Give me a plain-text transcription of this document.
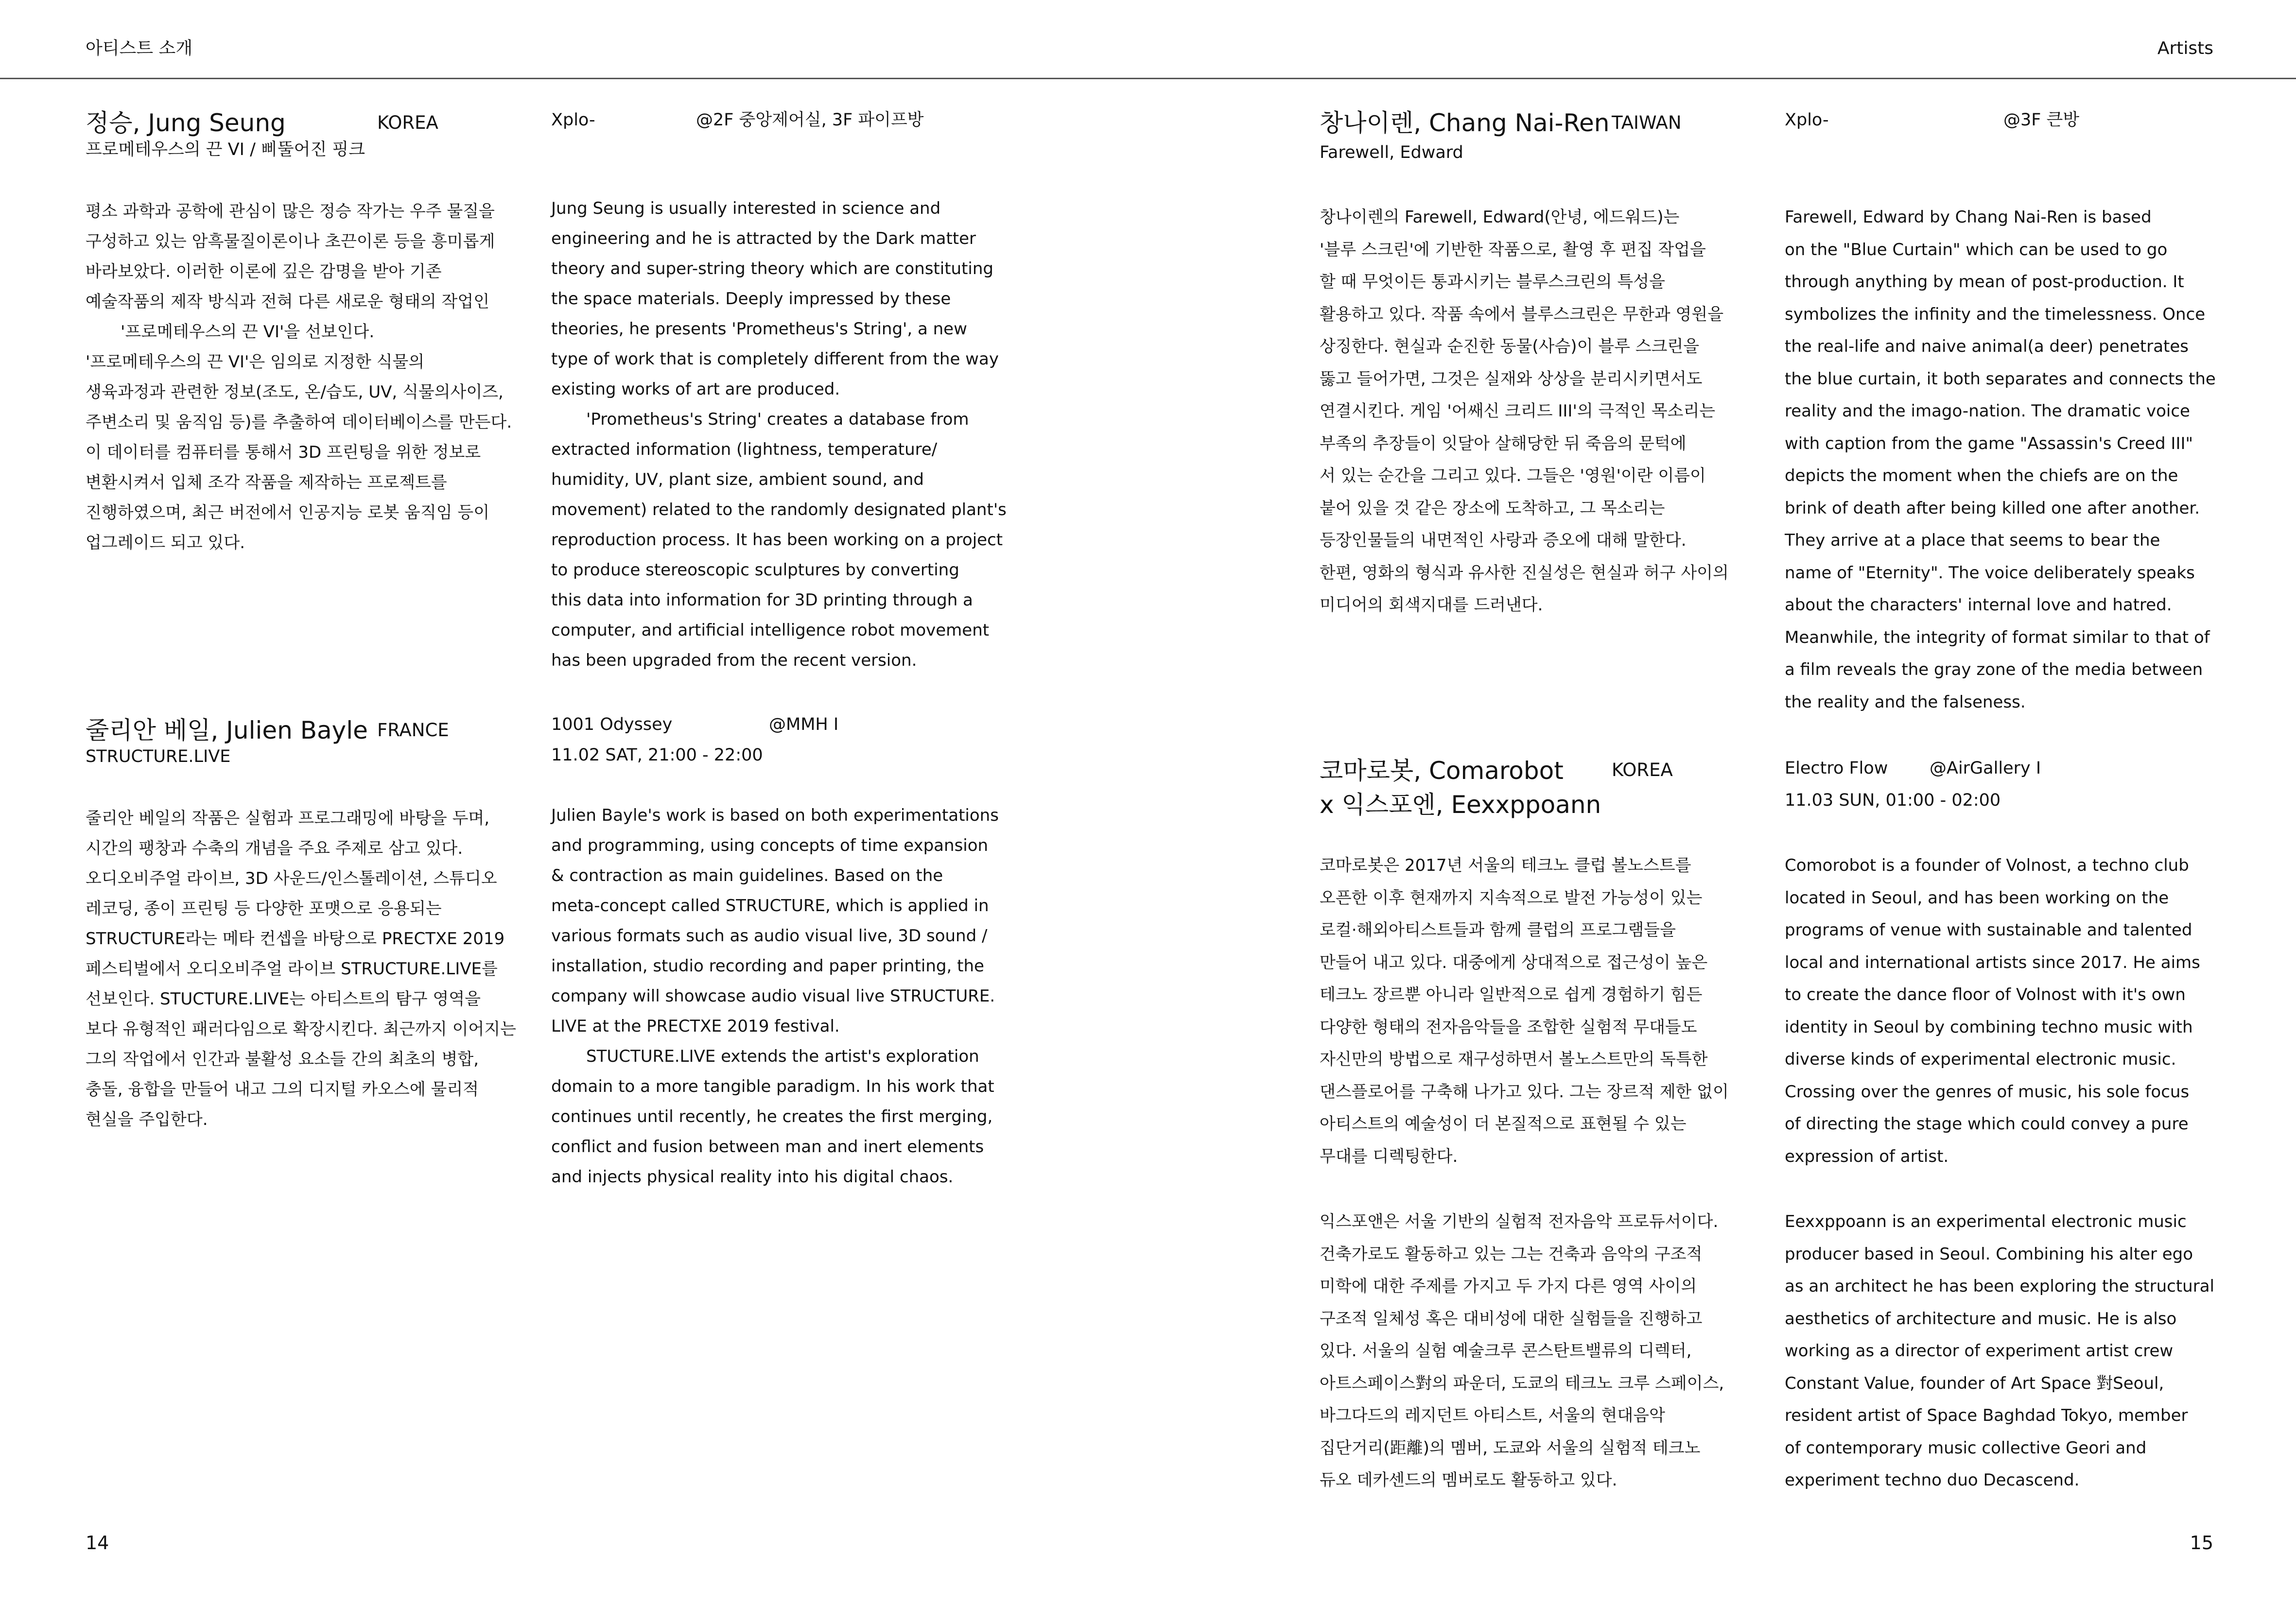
아티스트 소개	Artists
정승, Jung Seung	KOREA
프로메테우스의 끈 VI / 삐뚤어진 핑크
Xplo-	@2F 중앙제어실, 3F 파이프방
평소 과학과 공학에 관심이 많은 정승 작가는 우주 물질을
구성하고 있는 암흑물질이론이나 초끈이론 등을 흥미롭게
바라보았다. 이러한 이론에 깊은 감명을 받아 기존
예술작품의 제작 방식과 전혀 다른 새로운 형태의 작업인
'프로메테우스의 끈 VI'을 선보인다.
'프로메테우스의 끈 VI'은 임의로 지정한 식물의
생육과정과 관련한 정보(조도, 온/습도, UV, 식물의사이즈,
주변소리 및 움직임 등)를 추출하여 데이터베이스를 만든다.
이 데이터를 컴퓨터를 통해서 3D 프린팅을 위한 정보로
변환시켜서 입체 조각 작품을 제작하는 프로젝트를
진행하였으며, 최근 버전에서 인공지능 로봇 움직임 등이
업그레이드 되고 있다.
Jung Seung is usually interested in science and
engineering and he is attracted by the Dark matter
theory and super-string theory which are constituting
the space materials. Deeply impressed by these
theories, he presents 'Prometheus's String', a new
type of work that is completely different from the way
existing works of art are produced.
'Prometheus's String' creates a database from
extracted information (lightness, temperature/
humidity, UV, plant size, ambient sound, and
movement) related to the randomly designated plant's
reproduction process. It has been working on a project
to produce stereoscopic sculptures by converting
this data into information for 3D printing through a
computer, and artificial intelligence robot movement
has been upgraded from the recent version.
줄리안 베일, Julien Bayle FRANCE
STRUCTURE.LIVE
1001 Odyssey	@MMH I
11.02 SAT, 21:00 - 22:00
줄리안 베일의 작품은 실험과 프로그래밍에 바탕을 두며,
시간의 팽창과 수축의 개념을 주요 주제로 삼고 있다.
오디오비주얼 라이브, 3D 사운드/인스톨레이션, 스튜디오
레코딩, 종이 프린팅 등 다양한 포맷으로 응용되는
STRUCTURE라는 메타 컨셉을 바탕으로 PRECTXE 2019
페스티벌에서 오디오비주얼 라이브 STRUCTURE.LIVE를
선보인다. STUCTURE.LIVE는 아티스트의 탐구 영역을
보다 유형적인 패러다임으로 확장시킨다. 최근까지 이어지는
그의 작업에서 인간과 불활성 요소들 간의 최초의 병합,
충돌, 융합을 만들어 내고 그의 디지털 카오스에 물리적
현실을 주입한다.
Julien Bayle's work is based on both experimentations
and programming, using concepts of time expansion
& contraction as main guidelines. Based on the
meta-concept called STRUCTURE, which is applied in
various formats such as audio visual live, 3D sound /
installation, studio recording and paper printing, the
company will showcase audio visual live STRUCTURE.
LIVE at the PRECTXE 2019 festival.
STUCTURE.LIVE extends the artist's exploration
domain to a more tangible paradigm. In his work that
continues until recently, he creates the first merging,
conflict and fusion between man and inert elements
and injects physical reality into his digital chaos.
창나이렌, Chang Nai-Ren TAIWAN
Farewell, Edward
Xplo-	@3F 큰방
창나이렌의 Farewell, Edward(안녕, 에드워드)는
'블루 스크린'에 기반한 작품으로, 촬영 후 편집 작업을
할 때 무엇이든 통과시키는 블루스크린의 특성을
활용하고 있다. 작품 속에서 블루스크린은 무한과 영원을
상징한다. 현실과 순진한 동물(사슴)이 블루 스크린을
뚫고 들어가면, 그것은 실재와 상상을 분리시키면서도
연결시킨다. 게임 '어쌔신 크리드 III'의 극적인 목소리는
부족의 추장들이 잇달아 살해당한 뒤 죽음의 문턱에
서 있는 순간을 그리고 있다. 그들은 '영원'이란 이름이
붙어 있을 것 같은 장소에 도착하고, 그 목소리는
등장인물들의 내면적인 사랑과 증오에 대해 말한다.
한편, 영화의 형식과 유사한 진실성은 현실과 허구 사이의
미디어의 회색지대를 드러낸다.
Farewell, Edward by Chang Nai-Ren is based
on the "Blue Curtain" which can be used to go
through anything by mean of post-production. It
symbolizes the infinity and the timelessness. Once
the real-life and naive animal(a deer) penetrates
the blue curtain, it both separates and connects the
reality and the imago-nation. The dramatic voice
with caption from the game "Assassin's Creed III"
depicts the moment when the chiefs are on the
brink of death after being killed one after another.
They arrive at a place that seems to bear the
name of "Eternity". The voice deliberately speaks
about the characters' internal love and hatred.
Meanwhile, the integrity of format similar to that of
a film reveals the gray zone of the media between
the reality and the falseness.
코마로봇, Comarobot
x 익스포엔, Eexxppoann
KOREA	Electro Flow @AirGallery I
11.03 SUN, 01:00 - 02:00
코마로봇은 2017년 서울의 테크노 클럽 볼노스트를
오픈한 이후 현재까지 지속적으로 발전 가능성이 있는
로컬·해외아티스트들과 함께 클럽의 프로그램들을
만들어 내고 있다. 대중에게 상대적으로 접근성이 높은
테크노 장르뿐 아니라 일반적으로 쉽게 경험하기 힘든
다양한 형태의 전자음악들을 조합한 실험적 무대들도
자신만의 방법으로 재구성하면서 볼노스트만의 독특한
댄스플로어를 구축해 나가고 있다. 그는 장르적 제한 없이
아티스트의 예술성이 더 본질적으로 표현될 수 있는
무대를 디렉팅한다.
Comorobot is a founder of Volnost, a techno club
located in Seoul, and has been working on the
programs of venue with sustainable and talented
local and international artists since 2017. He aims
to create the dance floor of Volnost with it's own
identity in Seoul by combining techno music with
diverse kinds of experimental electronic music.
Crossing over the genres of music, his sole focus
of directing the stage which could convey a pure
expression of artist.
익스포앤은 서울 기반의 실험적 전자음악 프로듀서이다.
건축가로도 활동하고 있는 그는 건축과 음악의 구조적
미학에 대한 주제를 가지고 두 가지 다른 영역 사이의
구조적 일체성 혹은 대비성에 대한 실험들을 진행하고
있다. 서울의 실험 예술크루 콘스탄트밸류의 디렉터,
아트스페이스對의 파운더, 도쿄의 테크노 크루 스페이스,
바그다드의 레지던트 아티스트, 서울의 현대음악
집단거리(距離)의 멤버, 도쿄와 서울의 실험적 테크노
듀오 데카센드의 멤버로도 활동하고 있다.
Eexxppoann is an experimental electronic music
producer based in Seoul. Combining his alter ego
as an architect he has been exploring the structural
aesthetics of architecture and music. He is also
working as a director of experiment artist crew
Constant Value, founder of Art Space 對Seoul,
resident artist of Space Baghdad Tokyo, member
of contemporary music collective Geori and
experiment techno duo Decascend.
14	15
